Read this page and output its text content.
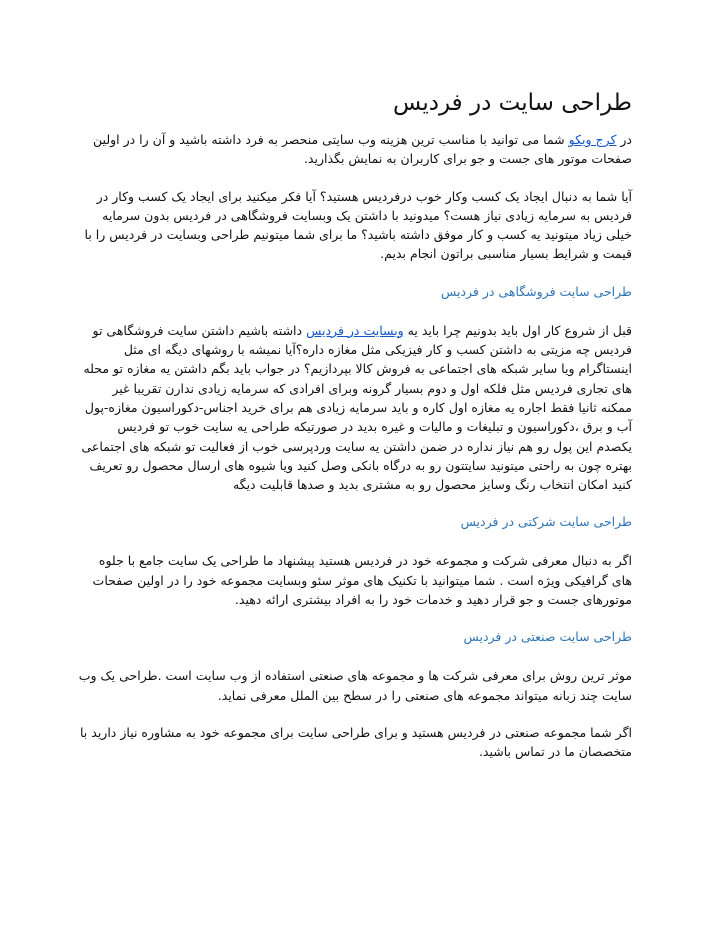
طراحی سایت در فردیس

در کرج ویکو شما می توانید با مناسب ترین هزینه وب سایتی منحصر به فرد داشته باشید و آن را در اولین صفحات موتور های جست و جو برای کاربران به نمایش بگذارید.

آیا شما به دنبال ایجاد یک کسب وکار خوب درفردیس هستید؟ آیا فکر میکنید برای ایجاد یک کسب وکار در فردیس به سرمایه زیادی نیاز هست؟ میدونید با داشتن یک وبسایت فروشگاهی در فردیس بدون سرمایه خیلی زیاد میتونید یه کسب و کار موفق داشته باشید؟ ما برای شما میتونیم طراحی وبسایت در فردیس را با قیمت و شرایط بسیار مناسبی براتون انجام بدیم.

طراحی سایت فروشگاهی در فردیس

قبل از شروع کار اول باید بدونیم چرا باید یه وبسایت در فردیس داشته باشیم داشتن سایت فروشگاهی تو فردیس چه مزیتی به داشتن کسب و کار فیزیکی مثل مغازه داره؟آیا نمیشه با روشهای دیگه ای مثل اینستاگرام ویا سایر شبکه های اجتماعی به فروش کالا بپردازیم؟ در جواب باید بگم داشتن یه مغازه تو محله های تجاری فردیس مثل فلکه اول و دوم بسیار گرونه وبرای افرادی که سرمایه زیادی ندارن تقریبا غیر ممکنه ثانیا فقط اجاره یه مغازه اول کاره و باید سرمایه زیادی هم برای خرید اجناس-دکوراسیون مغازه-پول آب و برق ،دکوراسیون و تبلیغات و مالیات و غیره بدید در صورتیکه طراحی یه سایت خوب تو فردیس یکصدم این پول رو هم نیاز نداره در ضمن داشتن یه سایت وردپرسی خوب از فعالیت تو شبکه های اجتماعی بهتره چون به راحتی میتونید سایتتون رو به درگاه بانکی وصل کنید ویا شیوه های ارسال محصول رو تعریف کنید امکان انتخاب رنگ وسایز محصول رو به مشتری بدید و صدها قابلیت دیگه

طراحی سایت شرکتی در فردیس

اگر به دنبال معرفی شرکت و مجموعه خود در فردیس هستید پیشنهاد ما طراحی یک سایت جامع با جلوه های گرافیکی ویژه است . شما میتوانید با تکنیک های موثر سئو وبسایت مجموعه خود را در اولین صفحات موتورهای جست و جو قرار دهید و خدمات خود را به افراد بیشتری ارائه دهید.

طراحی سایت صنعتی در فردیس

موثر ترین روش برای معرفی شرکت ها و مجموعه های صنعتی استفاده از وب سایت است .طراحی یک وب سایت چند زبانه میتواند مجموعه های صنعتی را در سطح بین الملل معرفی نماید.

اگر شما مجموعه صنعتی در فردیس هستید و برای طراحی سایت برای مجموعه خود به مشاوره نیاز دارید با متخصصان ما در تماس باشید.
